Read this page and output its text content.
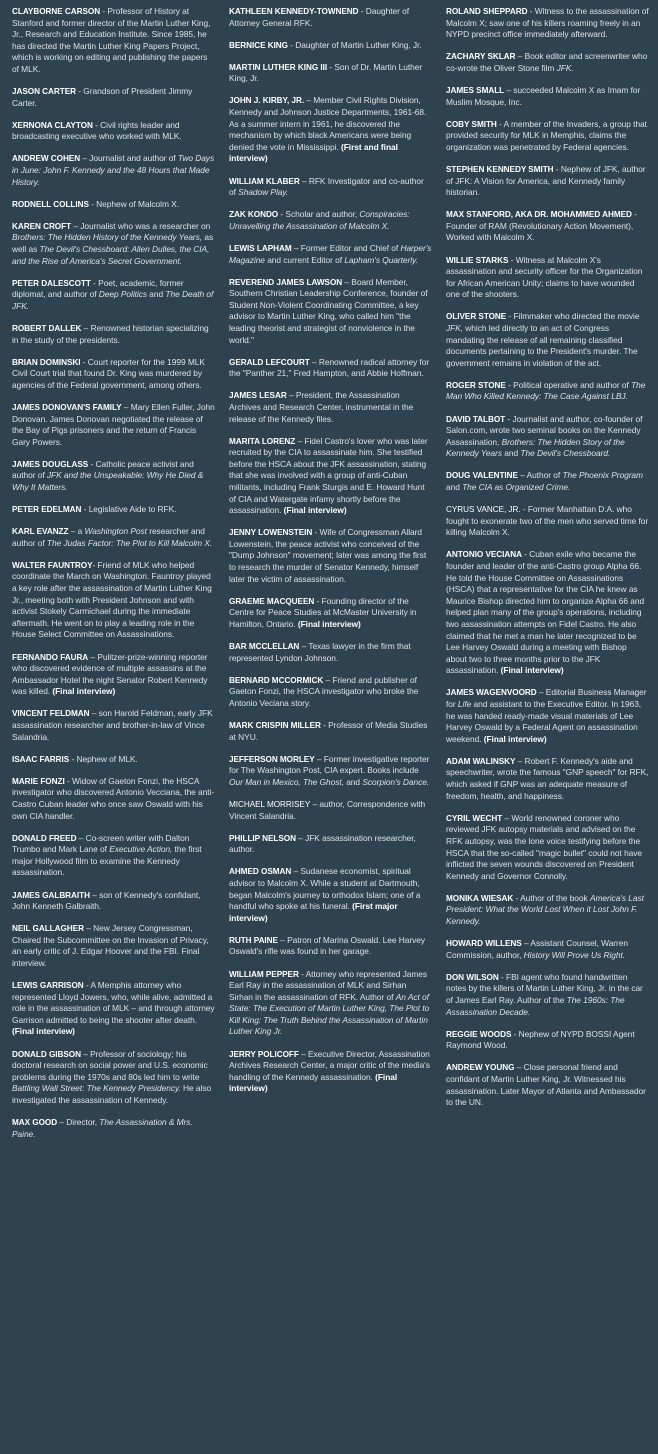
CLAYBORNE CARSON - Professor of History at Stanford and former director of the Martin Luther King, Jr., Research and Education Institute. Since 1985, he has directed the Martin Luther King Papers Project, which is working on editing and publishing the papers of MLK.

JASON CARTER - Grandson of President Jimmy Carter.

XERNONA CLAYTON - Civil rights leader and broadcasting executive who worked with MLK.

ANDREW COHEN – Journalist and author of Two Days in June: John F. Kennedy and the 48 Hours that Made History.

RODNELL COLLINS - Nephew of Malcolm X.

KAREN CROFT – Journalist who was a researcher on Brothers: The Hidden History of the Kennedy Years, as well as The Devil's Chessboard: Allen Dulles, the CIA, and the Rise of America's Secret Government.

PETER DALESCOTT - Poet, academic, former diplomat, and author of Deep Politics and The Death of JFK.

ROBERT DALLEK – Renowned historian specializing in the study of the presidents.

BRIAN DOMINSKI - Court reporter for the 1999 MLK Civil Court trial that found Dr. King was murdered by agencies of the Federal government, among others.

JAMES DONOVAN'S FAMILY – Mary Ellen Fuller, John Donovan. James Donovan negotiated the release of the Bay of Pigs prisoners and the return of Francis Gary Powers.

JAMES DOUGLASS - Catholic peace activist and author of JFK and the Unspeakable: Why He Died & Why It Matters.

PETER EDELMAN - Legislative Aide to RFK.

KARL EVANZZ – a Washington Post researcher and author of The Judas Factor: The Plot to Kill Malcolm X.

WALTER FAUNTROY- Friend of MLK who helped coordinate the March on Washington. Fauntroy played a key role after the assassination of Martin Luther King Jr., meeting both with President Johnson and with activist Stokely Carmichael during the immediate aftermath. He went on to play a leading role in the House Select Committee on Assassinations.

FERNANDO FAURA – Pulitzer-prize-winning reporter who discovered evidence of multiple assassins at the Ambassador Hotel the night Senator Robert Kennedy was killed. (Final interview)

VINCENT FELDMAN – son Harold Feldman, early JFK assassination researcher and brother-in-law of Vince Salandria.

ISAAC FARRIS - Nephew of MLK.

MARIE FONZI - Widow of Gaeton Fonzi, the HSCA investigator who discovered Antonio Veccianа, the anti-Castro Cuban leader who once saw Oswald with his own CIA handler.

DONALD FREED – Co-screen writer with Dalton Trumbo and Mark Lane of Executive Action, the first major Hollywood film to examine the Kennedy assassination.

JAMES GALBRAITH – son of Kennedy's confidant, John Kenneth Galbraith.

NEIL GALLAGHER – New Jersey Congressman, Chaired the Subcommittee on the Invasion of Privacy, an early critic of J. Edgar Hoover and the FBI. Final interview.

LEWIS GARRISON - A Memphis attorney who represented Lloyd Jowers, who, while alive, admitted a role in the assassination of MLK – and through attorney Garrison admitted to being the shooter after death. (Final interview)

DONALD GIBSON – Professor of sociology; his doctoral research on social power and U.S. economic problems during the 1970s and 80s led him to write Battling Wall Street: The Kennedy Presidency. He also investigated the assassination of Kennedy.

MAX GOOD – Director, The Assassination & Mrs. Paine.

KATHLEEN KENNEDY-TOWNEND - Daughter of Attorney General RFK.

BERNICE KING - Daughter of Martin Luther King, Jr.

MARTIN LUTHER KING III - Son of Dr. Martin Luther King, Jr.

JOHN J. KIRBY, JR. – Member Civil Rights Division, Kennedy and Johnson Justice Departments, 1961-68. As a summer intern in 1961, he discovered the mechanism by which black Americans were being denied the vote in Mississippi. (First and final interview)

WILLIAM KLABER – RFK Investigator and co-author of Shadow Play.

ZAK KONDO - Scholar and author, Conspiracies: Unravelling the Assassination of Malcolm X.

LEWIS LAPHAM – Former Editor and Chief of Harper's Magazine and current Editor of Lapham's Quarterly.

REVEREND JAMES LAWSON – Board Member, Southern Christian Leadership Conference, founder of Student Non-Violent Coordinating Committee, a key advisor to Martin Luther King, who called him "the leading theorist and strategist of nonviolence in the world."

GERALD LEFCOURT – Renowned radical attorney for the "Panther 21," Fred Hampton, and Abbie Hoffman.

JAMES LESAR – President, the Assassination Archives and Research Center, instrumental in the release of the Kennedy files.

MARITA LORENZ – Fidel Castro's lover who was later recruited by the CIA to assassinate him. She testified before the HSCA about the JFK assassination, stating that she was involved with a group of anti-Cuban militants, including Frank Sturgis and E. Howard Hunt of CIA and Watergate infamy shortly before the assassination. (Final interview)

JENNY LOWENSTEIN - Wife of Congressman Allard Lowenstein, the peace activist who conceived of the "Dump Johnson" movement; later was among the first to research the murder of Senator Kennedy, himself later the victim of assassination.

GRAEME MACQUEEN - Founding director of the Centre for Peace Studies at McMaster University in Hamilton, Ontario. (Final interview)

BAR MCCLELLAN – Texas lawyer in the firm that represented Lyndon Johnson.

BERNARD MCCORMICK – Friend and publisher of Gaeton Fonzi, the HSCA investigator who broke the Antonio Veciana story.

MARK CRISPIN MILLER - Professor of Media Studies at NYU.

JEFFERSON MORLEY – Former investigative reporter for The Washington Post, CIA expert. Books include Our Man in Mexico, The Ghost, and Scorpion's Dance.

MICHAEL MORRISEY – author, Correspondence with Vincent Salandria.

PHILLIP NELSON – JFK assassination researcher, author.

AHMED OSMAN – Sudanese economist, spiritual advisor to Malcolm X. While a student at Dartmouth, began Malcolm's journey to orthodox Islam; one of a handful who spoke at his funeral. (First major interview)

RUTH PAINE – Patron of Marina Oswald. Lee Harvey Oswald's rifle was found in her garage.

WILLIAM PEPPER - Attorney who represented James Earl Ray in the assassination of MLK and Sirhan Sirhan in the assassination of RFK. Author of An Act of State: The Execution of Martin Luther King, The Plot to Kill King: The Truth Behind the Assassination of Martin Luther King Jr.

JERRY POLICOFF – Executive Director, Assassination Archives Research Center, a major critic of the media's handling of the Kennedy assassination. (Final interview)

ROLAND SHEPPARD - Witness to the assassination of Malcolm X; saw one of his killers roaming freely in an NYPD precinct office immediately afterward.

ZACHARY SKLAR – Book editor and screenwriter who co-wrote the Oliver Stone film JFK.

JAMES SMALL – succeeded Malcolm X as Imam for Muslim Mosque, Inc.

COBY SMITH - A member of the Invaders, a group that provided security for MLK in Memphis, claims the organization was penetrated by Federal agencies.

STEPHEN KENNEDY SMITH - Nephew of JFK, author of JFK: A Vision for America, and Kennedy family historian.

MAX STANFORD, AKA DR. MOHAMMED AHMED - Founder of RAM (Revolutionary Action Movement), Worked with Malcolm X.

WILLIE STARKS - Witness at Malcolm X's assassination and security officer for the Organization for African American Unity; claims to have wounded one of the shooters.

OLIVER STONE - Filmmaker who directed the movie JFK, which led directly to an act of Congress mandating the release of all remaining classified documents pertaining to the President's murder. The government remains in violation of the act.

ROGER STONE - Political operative and author of The Man Who Killed Kennedy: The Case Against LBJ.

DAVID TALBOT - Journalist and author, co-founder of Salon.com, wrote two seminal books on the Kennedy Assassination, Brothers: The Hidden Story of the Kennedy Years and The Devil's Chessboard.

DOUG VALENTINE – Author of The Phoenix Program and The CIA as Organized Crime.

CYRUS VANCE, JR. - Former Manhattan D.A. who fought to exonerate two of the men who served time for killing Malcolm X.

ANTONIO VECIANA - Cuban exile who became the founder and leader of the anti-Castro group Alpha 66. He told the House Committee on Assassinations (HSCA) that a representative for the CIA he knew as Maurice Bishop directed him to organize Alpha 66 and helped plan many of the group's operations, including two assassination attempts on Fidel Castro. He also claimed that he met a man he later recognized to be Lee Harvey Oswald during a meeting with Bishop about two to three months prior to the JFK assassination. (Final interview)

JAMES WAGENVOORD – Editorial Business Manager for Life and assistant to the Executive Editor. In 1963, he was handed ready-made visual materials of Lee Harvey Oswald by a Federal Agent on assassination weekend. (Final interview)

ADAM WALINSKY – Robert F. Kennedy's aide and speechwriter, wrote the famous "GNP speech" for RFK, which asked if GNP was an adequate measure of freedom, health, and happiness.

CYRIL WECHT – World renowned coroner who reviewed JFK autopsy materials and advised on the RFK autopsy, was the lone voice testifying before the HSCA that the so-called "magic bullet" could not have inflicted the seven wounds discovered on President Kennedy and Governor Connolly.

MONIKA WIESAK - Author of the book America's Last President: What the World Lost When it Lost John F. Kennedy.

HOWARD WILLENS – Assistant Counsel, Warren Commission, author, History Will Prove Us Right.

DON WILSON - FBI agent who found handwritten notes by the killers of Martin Luther King, Jr. in the car of James Earl Ray. Author of the The 1960s: The Assassination Decade.

REGGIE WOODS - Nephew of NYPD BOSSI Agent Raymond Wood.

ANDREW YOUNG – Close personal friend and confidant of Martin Luther King, Jr. Witnessed his assassination. Later Mayor of Atlanta and Ambassador to the UN.
